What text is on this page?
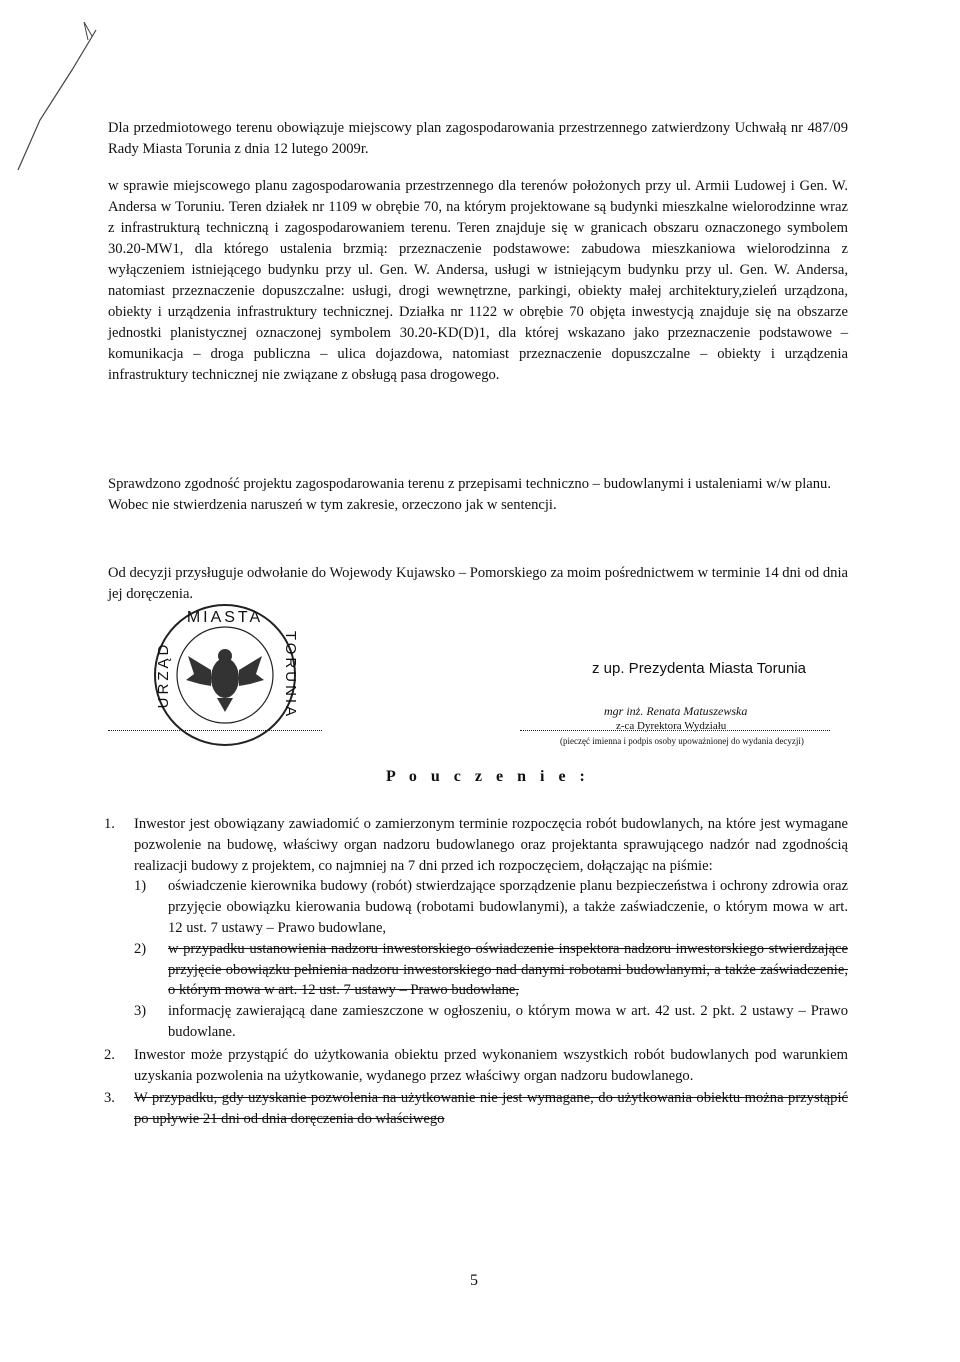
Dla przedmiotowego terenu obowiązuje miejscowy plan zagospodarowania przestrzennego zatwierdzony Uchwałą nr 487/09 Rady Miasta Torunia z dnia 12 lutego 2009r.

w sprawie miejscowego planu zagospodarowania przestrzennego dla terenów położonych przy ul. Armii Ludowej i Gen. W. Andersa w Toruniu. Teren działek nr 1109 w obrębie 70, na którym projektowane są budynki mieszkalne wielorodzinne wraz z infrastrukturą techniczną i zagospodarowaniem terenu. Teren znajduje się w granicach obszaru oznaczonego symbolem 30.20-MW1, dla którego ustalenia brzmią: przeznaczenie podstawowe: zabudowa mieszkaniowa wielorodzinna z wyłączeniem istniejącego budynku przy ul. Gen. W. Andersa, usługi w istniejącym budynku przy ul. Gen. W. Andersa, natomiast przeznaczenie dopuszczalne: usługi, drogi wewnętrzne, parkingi, obiekty małej architektury,zieleń urządzona, obiekty i urządzenia infrastruktury technicznej. Działka nr 1122 w obrębie 70 objęta inwestycją znajduje się na obszarze jednostki planistycznej oznaczonej symbolem 30.20-KD(D)1, dla której wskazano jako przeznaczenie podstawowe – komunikacja – droga publiczna – ulica dojazdowa, natomiast przeznaczenie dopuszczalne – obiekty i urządzenia infrastruktury technicznej nie związane z obsługą pasa drogowego.

Sprawdzono zgodność projektu zagospodarowania terenu z przepisami techniczno – budowlanymi i ustaleniami w/w planu.

Wobec nie stwierdzenia naruszeń w tym zakresie, orzeczono jak w sentencji.

Od decyzji przysługuje odwołanie do Wojewody Kujawsko – Pomorskiego za moim pośrednictwem w terminie 14 dni od dnia jej doręczenia.

MIASTA
URZĄD	TORUNIA	z up. Prezydenta Miasta Torunia
mgr inż. Renata Matuszewska
z-ca Dyrektora Wydziału
(pieczęć imienna i podpis osoby upoważnionej do wydania decyzji)
P o u c z e n i e :
1. Inwestor jest obowiązany zawiadomić o zamierzonym terminie rozpoczęcia robót budowlanych, na które jest wymagane pozwolenie na budowę, właściwy organ nadzoru budowlanego oraz projektanta sprawującego nadzór nad zgodnością realizacji budowy z projektem, co najmniej na 7 dni przed ich rozpoczęciem, dołączając na piśmie:
1) oświadczenie kierownika budowy (robót) stwierdzające sporządzenie planu bezpieczeństwa i ochrony zdrowia oraz przyjęcie obowiązku kierowania budową (robotami budowlanymi), a także zaświadczenie, o którym mowa w art. 12 ust. 7 ustawy – Prawo budowlane,
2) w przypadku ustanowienia nadzoru inwestorskiego oświadczenie inspektora nadzoru inwestorskiego stwierdzające przyjęcie obowiązku pełnienia nadzoru inwestorskiego nad danymi robotami budowlanymi, a także zaświadczenie, o którym mowa w art. 12 ust. 7 ustawy – Prawo budowlane,
3) informację zawierającą dane zamieszczone w ogłoszeniu, o którym mowa w art. 42 ust. 2 pkt. 2 ustawy – Prawo budowlane.
2. Inwestor może przystąpić do użytkowania obiektu przed wykonaniem wszystkich robót budowlanych pod warunkiem uzyskania pozwolenia na użytkowanie, wydanego przez właściwy organ nadzoru budowlanego.
3. W przypadku, gdy uzyskanie pozwolenia na użytkowanie nie jest wymagane, do użytkowania obiektu można przystąpić po upływie 21 dni od dnia doręczenia do właściwego
5
